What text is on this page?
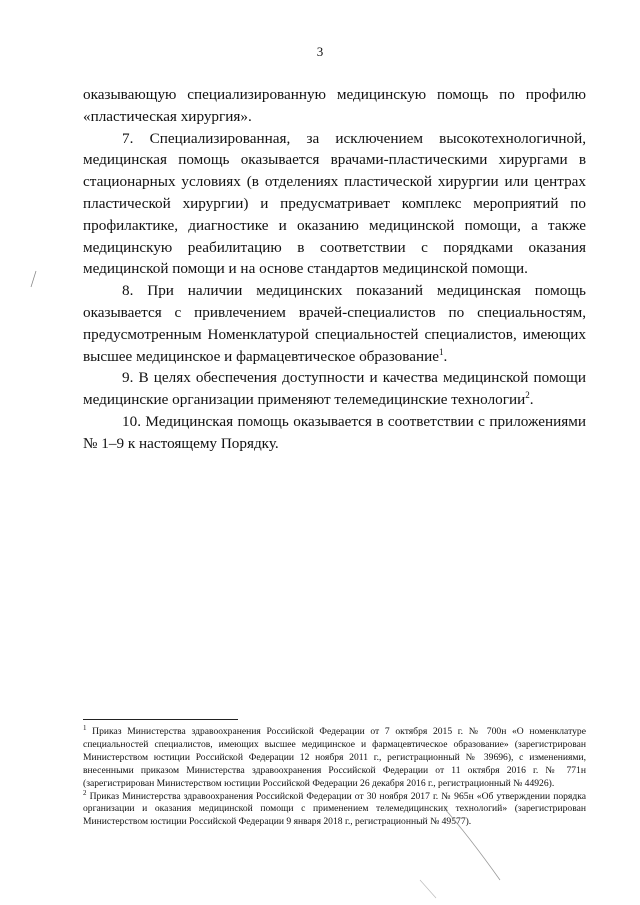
3

оказывающую специализированную медицинскую помощь по профилю «пластическая хирургия».

7. Специализированная, за исключением высокотехнологичной, медицинская помощь оказывается врачами-пластическими хирургами в стационарных условиях (в отделениях пластической хирургии или центрах пластической хирургии) и предусматривает комплекс мероприятий по профилактике, диагностике и оказанию медицинской помощи, а также медицинскую реабилитацию в соответствии с порядками оказания медицинской помощи и на основе стандартов медицинской помощи.

8. При наличии медицинских показаний медицинская помощь оказывается с привлечением врачей-специалистов по специальностям, предусмотренным Номенклатурой специальностей специалистов, имеющих высшее медицинское и фармацевтическое образование$^1$.

9. В целях обеспечения доступности и качества медицинской помощи медицинские организации применяют телемедицинские технологии$^2$.

10. Медицинская помощь оказывается в соответствии с приложениями № 1–9 к настоящему Порядку.

$^1$ Приказ Министерства здравоохранения Российской Федерации от 7 октября 2015 г. № 700н «О номенклатуре специальностей специалистов, имеющих высшее медицинское и фармацевтическое образование» (зарегистрирован Министерством юстиции Российской Федерации 12 ноября 2011 г., регистрационный № 39696), с изменениями, внесенными приказом Министерства здравоохранения Российской Федерации от 11 октября 2016 г. № 771н (зарегистрирован Министерством юстиции Российской Федерации 26 декабря 2016 г., регистрационный № 44926).

$^2$ Приказ Министерства здравоохранения Российской Федерации от 30 ноября 2017 г. № 965н «Об утверждении порядка организации и оказания медицинской помощи с применением телемедицинских технологий» (зарегистрирован Министерством юстиции Российской Федерации 9 января 2018 г., регистрационный № 49577).
